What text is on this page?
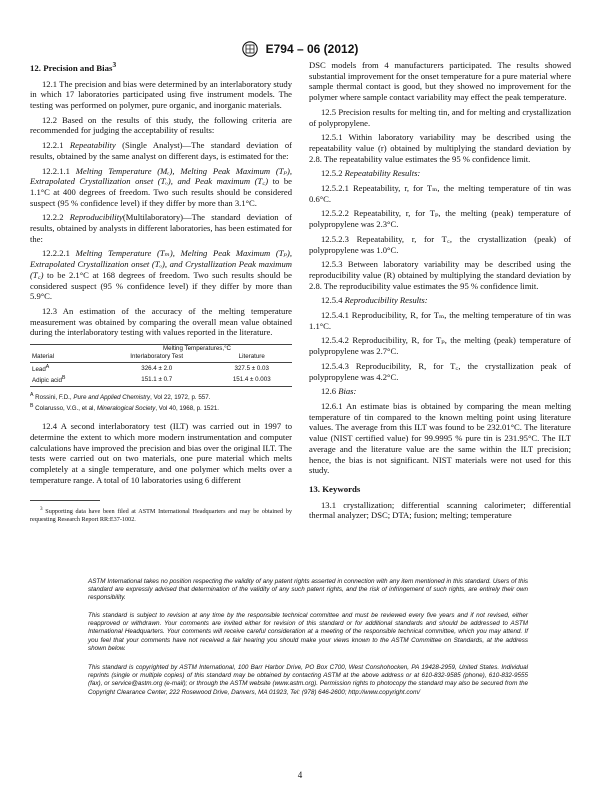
E794 – 06 (2012)
12. Precision and Bias$^3$

12.1 The precision and bias were determined by an interlaboratory study in which 17 laboratories participated using five instrument models. The testing was performed on polymer, pure organic, and inorganic materials.

12.2 Based on the results of this study, the following criteria are recommended for judging the acceptability of results:

12.2.1 Repeatability (Single Analyst)—The standard deviation of results, obtained by the same analyst on different days, is estimated for the:

12.2.1.1 Melting Temperature (Mₑ), Melting Peak Maximum (Tₚ), Extrapolated Crystallization onset (Tₒ), and Peak maximum (T꜀) to be 1.1°C at 400 degrees of freedom. Two such results should be considered suspect (95 % confidence level) if they differ by more than 3.1°C.

12.2.2 Reproducibility(Multilaboratory)—The standard deviation of results, obtained by analysts in different laboratories, has been estimated for the:

12.2.2.1 Melting Temperature (Tₘ), Melting Peak Maximum (Tₚ), Extrapolated Crystallization onset (Tₒ), and Crystallization Peak maximum (T꜀) to be 2.1°C at 168 degrees of freedom. Two such results should be considered suspect (95 % confidence level) if they differ by more than 5.9°C.

12.3 An estimation of the accuracy of the melting temperature measurement was obtained by comparing the overall mean value obtained during the interlaboratory testing with values reported in the literature.

	Melting Temperatures,°C	
Material	Interlaboratory Test	Literature
Lead$^A$	326.4 ± 2.0	327.5 ± 0.03
Adipic acid$^B$	151.1 ± 0.7	151.4 ± 0.003
$^A$ Rossini, F.D., Pure and Applied Chemistry, Vol 22, 1972, p. 557.
$^B$ Colarusso, V.G., et al, Mineralogical Society, Vol 40, 1968, p. 1521.

12.4 A second interlaboratory test (ILT) was carried out in 1997 to determine the extent to which more modern instrumentation and computer calculations have improved the precision and bias over the original ILT. The tests were carried out on two materials, one pure material which melts completely at a single temperature, and one polymer which melts over a temperature range. A total of 10 laboratories using 6 different

$^3$ Supporting data have been filed at ASTM International Headquarters and may be obtained by requesting Research Report RR:E37-1002.

DSC models from 4 manufacturers participated. The results showed substantial improvement for the onset temperature for a pure material where sample thermal contact is good, but they showed no improvement for the polymer where sample contact variability may effect the peak temperature.

12.5 Precision results for melting tin, and for melting and crystallization of polypropylene.

12.5.1 Within laboratory variability may be described using the repeatability value (r) obtained by multiplying the standard deviation by 2.8. The repeatability value estimates the 95 % confidence limit.

12.5.2 Repeatability Results:

12.5.2.1 Repeatability, r, for Tₘ, the melting temperature of tin was 0.6°C.

12.5.2.2 Repeatability, r, for Tₚ, the melting (peak) temperature of polypropylene was 2.3°C.

12.5.2.3 Repeatability, r, for T꜀, the crystallization (peak) of polypropylene was 1.0°C.

12.5.3 Between laboratory variability may be described using the reproducibility value (R) obtained by multiplying the standard deviation by 2.8. The reproducibility value estimates the 95 % confidence limit.

12.5.4 Reproducibility Results:

12.5.4.1 Reproducibility, R, for Tₘ, the melting temperature of tin was 1.1°C.

12.5.4.2 Reproducibility, R, for Tₚ, the melting (peak) temperature of polypropylene was 2.7°C.

12.5.4.3 Reproducibility, R, for T꜀, the crystallization peak of polypropylene was 4.2°C.

12.6 Bias:

12.6.1 An estimate bias is obtained by comparing the mean melting temperature of tin compared to the known melting point using literature values. The average from this ILT was found to be 232.01°C. The literature value (NIST certified value) for 99.9995 % pure tin is 231.95°C. The ILT average and the literature value are the same within the ILT precision; hence, the bias is not significant. NIST materials were not used for this study.

13. Keywords

13.1 crystallization; differential scanning calorimeter; differential thermal analyzer; DSC; DTA; fusion; melting; temperature

ASTM International takes no position respecting the validity of any patent rights asserted in connection with any item mentioned in this standard. Users of this standard are expressly advised that determination of the validity of any such patent rights, and the risk of infringement of such rights, are entirely their own responsibility.

This standard is subject to revision at any time by the responsible technical committee and must be reviewed every five years and if not revised, either reapproved or withdrawn. Your comments are invited either for revision of this standard or for additional standards and should be addressed to ASTM International Headquarters. Your comments will receive careful consideration at a meeting of the responsible technical committee, which you may attend. If you feel that your comments have not received a fair hearing you should make your views known to the ASTM Committee on Standards, at the address shown below.

This standard is copyrighted by ASTM International, 100 Barr Harbor Drive, PO Box C700, West Conshohocken, PA 19428-2959, United States. Individual reprints (single or multiple copies) of this standard may be obtained by contacting ASTM at the above address or at 610-832-9585 (phone), 610-832-9555 (fax), or service@astm.org (e-mail); or through the ASTM website (www.astm.org). Permission rights to photocopy the standard may also be secured from the Copyright Clearance Center, 222 Rosewood Drive, Danvers, MA 01923, Tel: (978) 646-2600; http://www.copyright.com/

4
